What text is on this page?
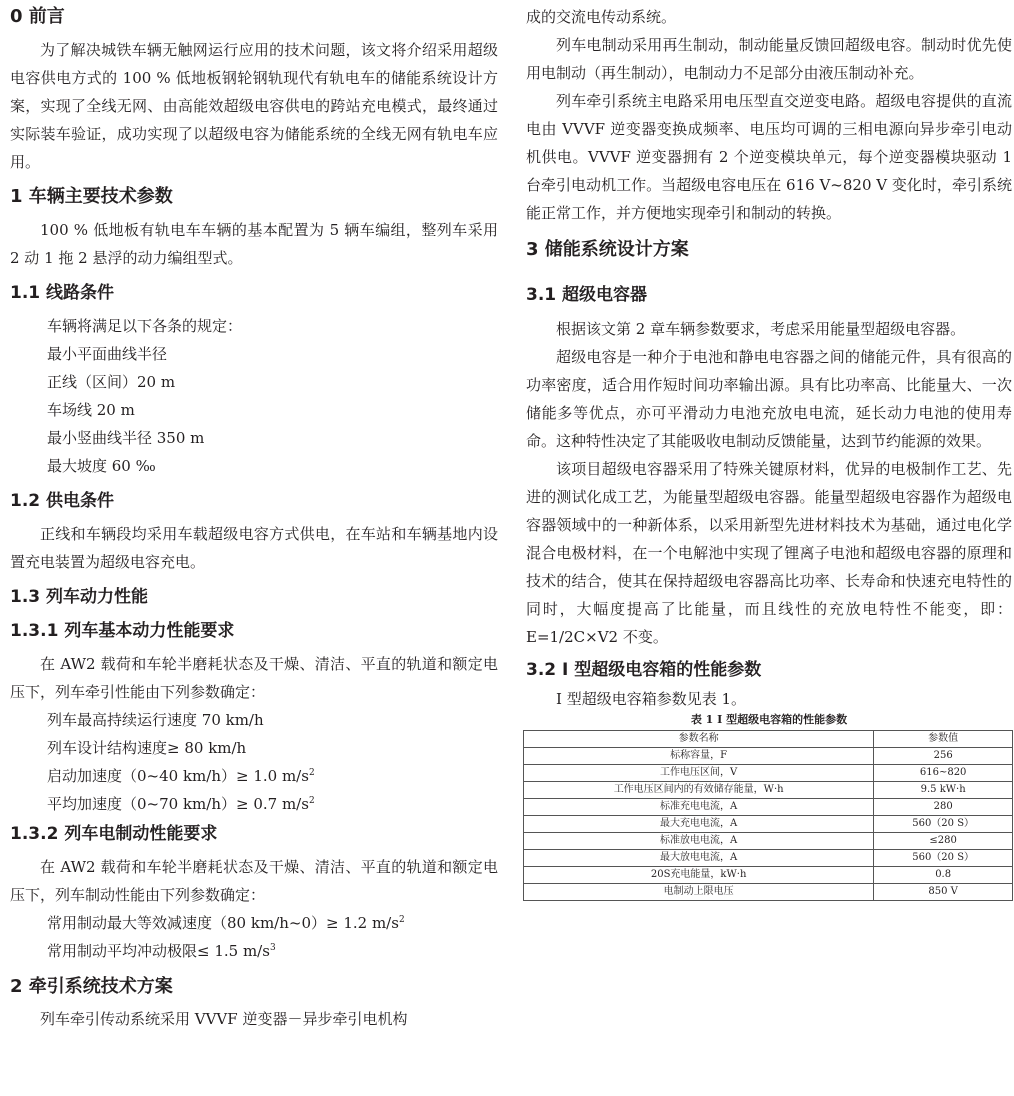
0 前言

为了解决城铁车辆无触网运行应用的技术问题，该文将介绍采用超级电容供电方式的 100 % 低地板钢轮钢轨现代有轨电车的储能系统设计方案，实现了全线无网、由高能效超级电容供电的跨站充电模式，最终通过实际装车验证，成功实现了以超级电容为储能系统的全线无网有轨电车应用。

1 车辆主要技术参数

100 % 低地板有轨电车车辆的基本配置为 5 辆车编组，整列车采用 2 动 1 拖 2 悬浮的动力编组型式。

1.1 线路条件

车辆将满足以下各条的规定：

最小平面曲线半径

正线（区间）20 m

车场线 20 m

最小竖曲线半径 350 m

最大坡度 60 ‰

1.2 供电条件

正线和车辆段均采用车载超级电容方式供电，在车站和车辆基地内设置充电装置为超级电容充电。

1.3 列车动力性能
1.3.1 列车基本动力性能要求

在 AW2 载荷和车轮半磨耗状态及干燥、清洁、平直的轨道和额定电压下，列车牵引性能由下列参数确定：

列车最高持续运行速度 70 km/h

列车设计结构速度≥ 80 km/h

启动加速度（0~40 km/h）≥ 1.0 $m/s^2$

平均加速度（0~70 km/h）≥ 0.7 $m/s^2$

1.3.2 列车电制动性能要求

在 AW2 载荷和车轮半磨耗状态及干燥、清洁、平直的轨道和额定电压下，列车制动性能由下列参数确定：

常用制动最大等效减速度（80 km/h~0）≥ 1.2 $m/s^2$

常用制动平均冲动极限≤ 1.5 $m/s^3$

2 牵引系统技术方案

列车牵引传动系统采用 VVVF 逆变器－异步牵引电机构

成的交流电传动系统。

列车电制动采用再生制动，制动能量反馈回超级电容。制动时优先使用电制动（再生制动），电制动力不足部分由液压制动补充。

列车牵引系统主电路采用电压型直交逆变电路。超级电容提供的直流电由 VVVF 逆变器变换成频率、电压均可调的三相电源向异步牵引电动机供电。VVVF 逆变器拥有 2 个逆变模块单元，每个逆变器模块驱动 1 台牵引电动机工作。当超级电容电压在 616 V~820 V 变化时，牵引系统能正常工作，并方便地实现牵引和制动的转换。

3 储能系统设计方案
3.1 超级电容器

根据该文第 2 章车辆参数要求，考虑采用能量型超级电容器。

超级电容是一种介于电池和静电电容器之间的储能元件，具有很高的功率密度，适合用作短时间功率输出源。具有比功率高、比能量大、一次储能多等优点，亦可平滑动力电池充放电电流，延长动力电池的使用寿命。这种特性决定了其能吸收电制动反馈能量，达到节约能源的效果。

该项目超级电容器采用了特殊关键原材料，优异的电极制作工艺、先进的测试化成工艺，为能量型超级电容器。能量型超级电容器作为超级电容器领域中的一种新体系，以采用新型先进材料技术为基础，通过电化学混合电极材料，在一个电解池中实现了锂离子电池和超级电容器的原理和技术的结合，使其在保持超级电容器高比功率、长寿命和快速充电特性的同时，大幅度提高了比能量，而且线性的充放电特性不能变，即：E=1/2C×V2 不变。

3.2 I 型超级电容箱的性能参数

I 型超级电容箱参数见表 1。

表 1 I 型超级电容箱的性能参数

参数名称	参数值
标称容量，F	256
工作电压区间，V	616~820
工作电压区间内的有效储存能量，W·h	9.5 kW·h
标准充电电流，A	280
最大充电电流，A	560（20 S）
标准放电电流，A	≤280
最大放电电流，A	560（20 S）
20S充电能量，kW·h	0.8
电制动上限电压	850 V
